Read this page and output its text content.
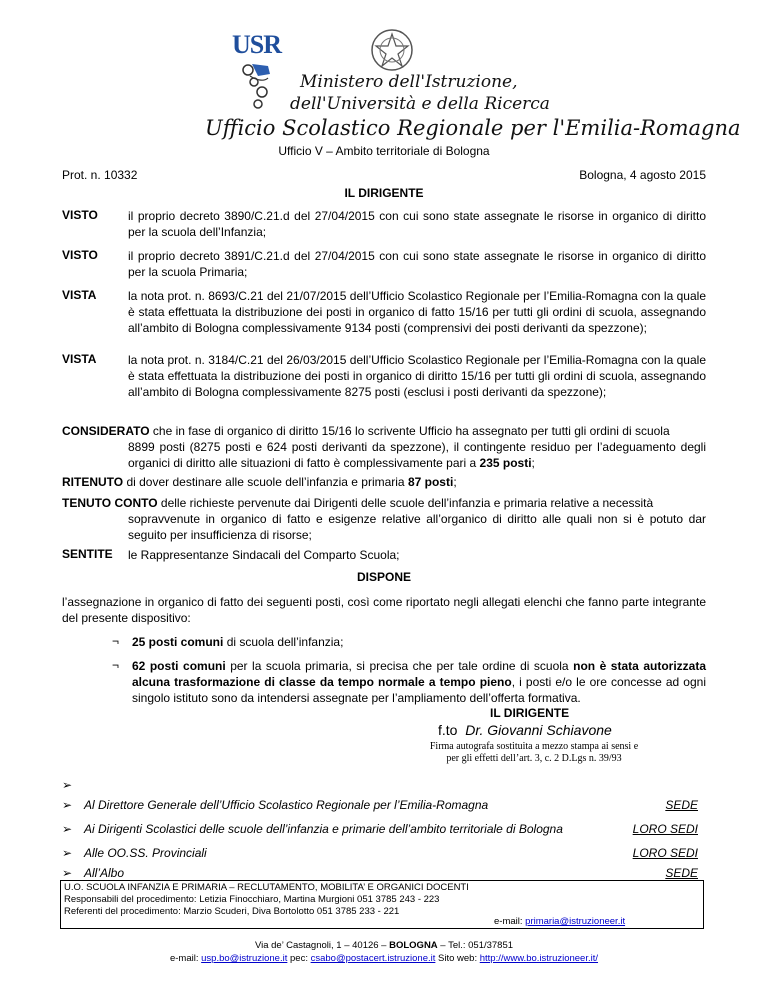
USR
Ministero dell'Istruzione,
dell'Università e della Ricerca
Ufficio Scolastico Regionale per l'Emilia-Romagna
Ufficio V – Ambito territoriale di Bologna
Prot. n. 10332	Bologna, 4 agosto 2015
IL DIRIGENTE
VISTO	il proprio decreto 3890/C.21.d del 27/04/2015 con cui sono state assegnate le risorse in organico di diritto per la scuola dell’Infanzia;
VISTO	il proprio decreto 3891/C.21.d del 27/04/2015 con cui sono state assegnate le risorse in organico di diritto per la scuola Primaria;
VISTA	la nota prot. n. 8693/C.21 del 21/07/2015 dell’Ufficio Scolastico Regionale per l’Emilia-Romagna con la quale è stata effettuata la distribuzione dei posti in organico di fatto 15/16 per tutti gli ordini di scuola, assegnando all’ambito di Bologna complessivamente 9134 posti (comprensivi dei posti derivanti da spezzone);
VISTA	la nota prot. n. 3184/C.21 del 26/03/2015 dell’Ufficio Scolastico Regionale per l’Emilia-Romagna con la quale è stata effettuata la distribuzione dei posti in organico di diritto 15/16 per tutti gli ordini di scuola, assegnando all’ambito di Bologna complessivamente 8275 posti (esclusi i posti derivanti da spezzone);
CONSIDERATO che in fase di organico di diritto 15/16 lo scrivente Ufficio ha assegnato per tutti gli ordini di scuola
8899 posti (8275 posti e 624 posti derivanti da spezzone), il contingente residuo per l’adeguamento degli organici di diritto alle situazioni di fatto è complessivamente pari a 235 posti;
RITENUTO di dover destinare alle scuole dell’infanzia e primaria 87 posti;
TENUTO CONTO delle richieste pervenute dai Dirigenti delle scuole dell’infanzia e primaria relative a necessità
sopravvenute in organico di fatto e esigenze relative all’organico di diritto alle quali non si è potuto dar seguito per insufficienza di risorse;
SENTITE le Rappresentanze Sindacali del Comparto Scuola;
DISPONE
l’assegnazione in organico di fatto dei seguenti posti, così come riportato negli allegati elenchi che fanno parte integrante del presente dispositivo:
¬ 25 posti comuni di scuola dell’infanzia;
¬ 62 posti comuni per la scuola primaria, si precisa che per tale ordine di scuola non è stata autorizzata alcuna trasformazione di classe da tempo normale a tempo pieno, i posti e/o le ore concesse ad ogni singolo istituto sono da intendersi assegnate per l’ampliamento dell’offerta formativa.
IL DIRIGENTE
f.to Dr. Giovanni Schiavone
Firma autografa sostituita a mezzo stampa ai sensi e
per gli effetti dell’art. 3, c. 2 D.Lgs n. 39/93
➢
➢ Al Direttore Generale dell’Ufficio Scolastico Regionale per l’Emilia-Romagna	SEDE
➢ Ai Dirigenti Scolastici delle scuole dell’infanzia e primarie dell’ambito territoriale di Bologna	LORO SEDI
➢ Alle OO.SS. Provinciali	LORO SEDI
➢ All’Albo	SEDE
U.O. SCUOLA INFANZIA E PRIMARIA – RECLUTAMENTO, MOBILITA’ E ORGANICI DOCENTI
Responsabili del procedimento: Letizia Finocchiaro, Martina Murgioni 051 3785 243 - 223
Referenti del procedimento: Marzio Scuderi, Diva Bortolotto 051 3785 233 - 221
e-mail: primaria@istruzioneer.it
Via de’ Castagnoli, 1 – 40126 – BOLOGNA – Tel.: 051/37851
e-mail: usp.bo@istruzione.it pec: csabo@postacert.istruzione.it Sito web: http://www.bo.istruzioneer.it/
